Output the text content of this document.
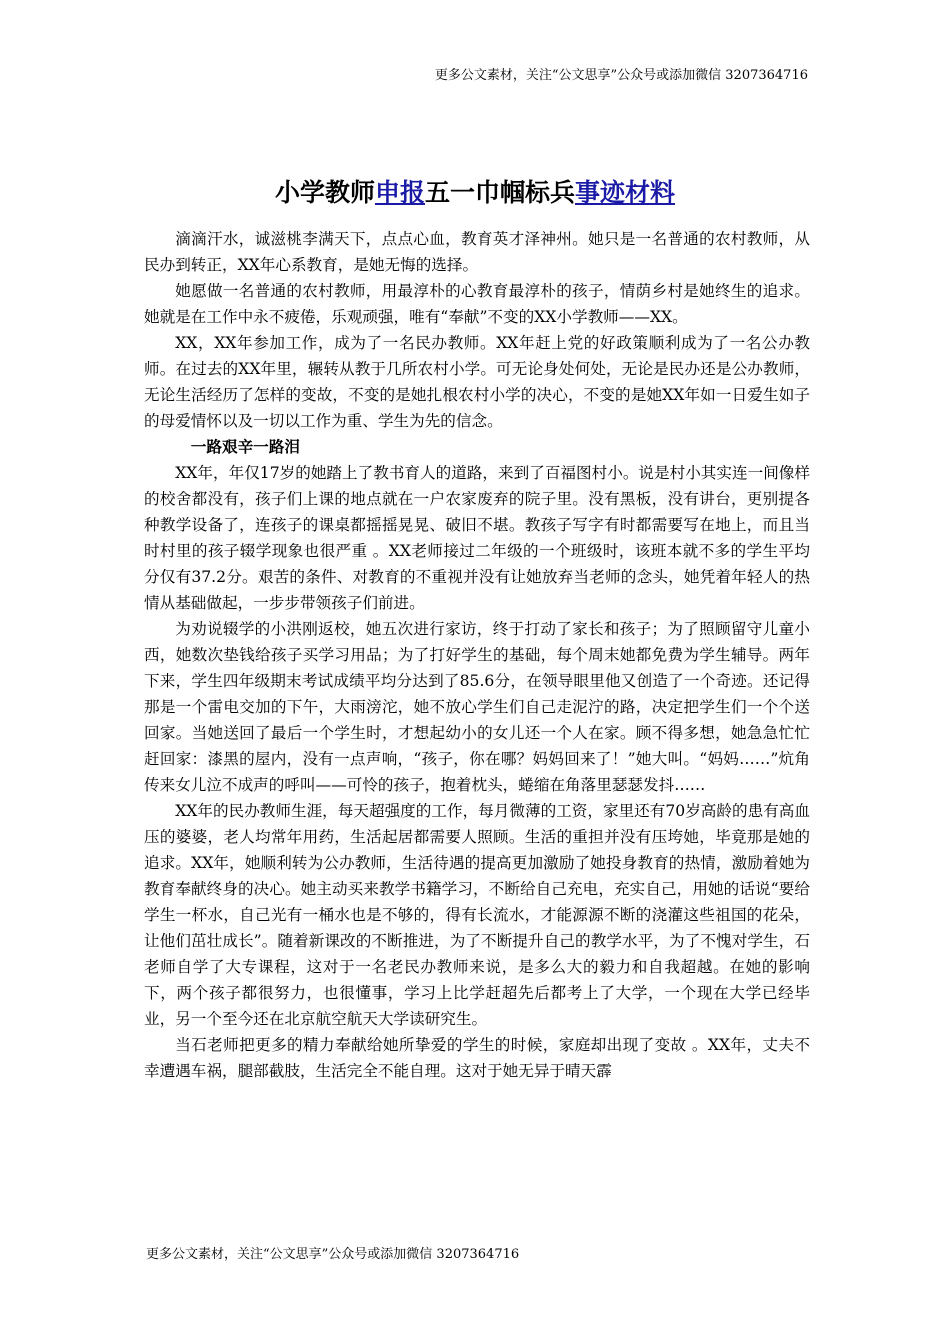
更多公文素材，关注“公文思享”公众号或添加微信 3207364716
小学教师申报五一巾帼标兵事迹材料

滴滴汗水，诚滋桃李满天下，点点心血，教育英才泽神州。她只是一名普通的农村教师，从民办到转正，XX年心系教育，是她无悔的选择。

她愿做一名普通的农村教师，用最淳朴的心教育最淳朴的孩子，情荫乡村是她终生的追求。她就是在工作中永不疲倦，乐观顽强，唯有“奉献”不变的XX小学教师——XX。

XX，XX年参加工作，成为了一名民办教师。XX年赶上党的好政策顺利成为了一名公办教师。在过去的XX年里，辗转从教于几所农村小学。可无论身处何处，无论是民办还是公办教师，无论生活经历了怎样的变故，不变的是她扎根农村小学的决心，不变的是她XX年如一日爱生如子的母爱情怀以及一切以工作为重、学生为先的信念。

一路艰辛一路泪

XX年，年仅17岁的她踏上了教书育人的道路，来到了百福图村小。说是村小其实连一间像样的校舍都没有，孩子们上课的地点就在一户农家废弃的院子里。没有黑板，没有讲台，更别提各种教学设备了，连孩子的课桌都摇摇晃晃、破旧不堪。教孩子写字有时都需要写在地上，而且当时村里的孩子辍学现象也很严重 。XX老师接过二年级的一个班级时，该班本就不多的学生平均分仅有37.2分。艰苦的条件、对教育的不重视并没有让她放弃当老师的念头，她凭着年轻人的热情从基础做起，一步步带领孩子们前进。

为劝说辍学的小洪刚返校，她五次进行家访，终于打动了家长和孩子；为了照顾留守儿童小西，她数次垫钱给孩子买学习用品；为了打好学生的基础，每个周末她都免费为学生辅导。两年下来，学生四年级期末考试成绩平均分达到了85.6分，在领导眼里他又创造了一个奇迹。还记得那是一个雷电交加的下午，大雨滂沱，她不放心学生们自己走泥泞的路，决定把学生们一个个送回家。当她送回了最后一个学生时，才想起幼小的女儿还一个人在家。顾不得多想，她急急忙忙赶回家：漆黑的屋内，没有一点声响，“孩子，你在哪？妈妈回来了！”她大叫。“妈妈……”炕角传来女儿泣不成声的呼叫——可怜的孩子，抱着枕头，蜷缩在角落里瑟瑟发抖……

XX年的民办教师生涯，每天超强度的工作，每月微薄的工资，家里还有70岁高龄的患有高血压的婆婆，老人均常年用药，生活起居都需要人照顾。生活的重担并没有压垮她，毕竟那是她的追求。XX年，她顺利转为公办教师，生活待遇的提高更加激励了她投身教育的热情，激励着她为教育奉献终身的决心。她主动买来教学书籍学习，不断给自己充电，充实自己，用她的话说“要给学生一杯水，自己光有一桶水也是不够的，得有长流水，才能源源不断的浇灌这些祖国的花朵，让他们茁壮成长”。随着新课改的不断推进，为了不断提升自己的教学水平，为了不愧对学生，石老师自学了大专课程，这对于一名老民办教师来说，是多么大的毅力和自我超越。在她的影响下，两个孩子都很努力，也很懂事，学习上比学赶超先后都考上了大学，一个现在大学已经毕业，另一个至今还在北京航空航天大学读研究生。

当石老师把更多的精力奉献给她所挚爱的学生的时候，家庭却出现了变故 。XX年，丈夫不幸遭遇车祸，腿部截肢，生活完全不能自理。这对于她无异于晴天霹

更多公文素材，关注“公文思享”公众号或添加微信 3207364716
